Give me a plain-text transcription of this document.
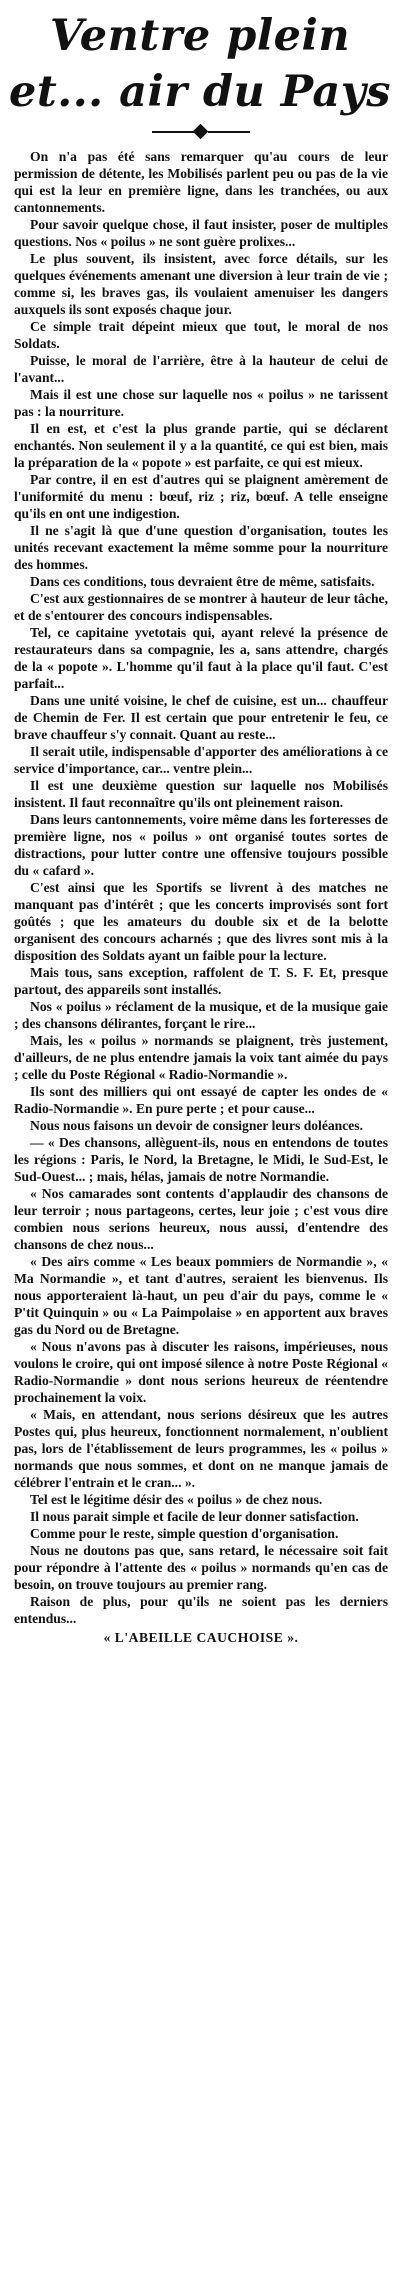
Ventre plein
et... air du Pays

On n'a pas été sans remarquer qu'au cours de leur permission de détente, les Mobilisés parlent peu ou pas de la vie qui est la leur en première ligne, dans les tranchées, ou aux cantonnements.

Pour savoir quelque chose, il faut insister, poser de multiples questions. Nos « poilus » ne sont guère prolixes...

Le plus souvent, ils insistent, avec force détails, sur les quelques événements amenant une diversion à leur train de vie ; comme si, les braves gas, ils voulaient amenuiser les dangers auxquels ils sont exposés chaque jour.

Ce simple trait dépeint mieux que tout, le moral de nos Soldats.

Puisse, le moral de l'arrière, être à la hauteur de celui de l'avant...

Mais il est une chose sur laquelle nos « poilus » ne tarissent pas : la nourriture.

Il en est, et c'est la plus grande partie, qui se déclarent enchantés. Non seulement il y a la quantité, ce qui est bien, mais la préparation de la « popote » est parfaite, ce qui est mieux.

Par contre, il en est d'autres qui se plaignent amèrement de l'uniformité du menu : bœuf, riz ; riz, bœuf. A telle enseigne qu'ils en ont une indigestion.

Il ne s'agit là que d'une question d'organisation, toutes les unités recevant exactement la même somme pour la nourriture des hommes.

Dans ces conditions, tous devraient être de même, satisfaits.

C'est aux gestionnaires de se montrer à hauteur de leur tâche, et de s'entourer des concours indispensables.

Tel, ce capitaine yvetotais qui, ayant relevé la présence de restaurateurs dans sa compagnie, les a, sans attendre, chargés de la « popote ». L'homme qu'il faut à la place qu'il faut. C'est parfait...

Dans une unité voisine, le chef de cuisine, est un... chauffeur de Chemin de Fer. Il est certain que pour entretenir le feu, ce brave chauffeur s'y connait. Quant au reste...

Il serait utile, indispensable d'apporter des améliorations à ce service d'importance, car... ventre plein...

Il est une deuxième question sur laquelle nos Mobilisés insistent. Il faut reconnaître qu'ils ont pleinement raison.

Dans leurs cantonnements, voire même dans les forteresses de première ligne, nos « poilus » ont organisé toutes sortes de distractions, pour lutter contre une offensive toujours possible du « cafard ».

C'est ainsi que les Sportifs se livrent à des matches ne manquant pas d'intérêt ; que les concerts improvisés sont fort goûtés ; que les amateurs du double six et de la belotte organisent des concours acharnés ; que des livres sont mis à la disposition des Soldats ayant un faible pour la lecture.

Mais tous, sans exception, raffolent de T. S. F. Et, presque partout, des appareils sont installés.

Nos « poilus » réclament de la musique, et de la musique gaie ; des chansons délirantes, forçant le rire...

Mais, les « poilus » normands se plaignent, très justement, d'ailleurs, de ne plus entendre jamais la voix tant aimée du pays ; celle du Poste Régional « Radio-Normandie ».

Ils sont des milliers qui ont essayé de capter les ondes de « Radio-Normandie ». En pure perte ; et pour cause...

Nous nous faisons un devoir de consigner leurs doléances.

— « Des chansons, allèguent-ils, nous en entendons de toutes les régions : Paris, le Nord, la Bretagne, le Midi, le Sud-Est, le Sud-Ouest... ; mais, hélas, jamais de notre Normandie.

« Nos camarades sont contents d'applaudir des chansons de leur terroir ; nous partageons, certes, leur joie ; c'est vous dire combien nous serions heureux, nous aussi, d'entendre des chansons de chez nous...

« Des airs comme « Les beaux pommiers de Normandie », « Ma Normandie », et tant d'autres, seraient les bienvenus. Ils nous apporteraient là-haut, un peu d'air du pays, comme le « P'tit Quinquin » ou « La Paimpolaise » en apportent aux braves gas du Nord ou de Bretagne.

« Nous n'avons pas à discuter les raisons, impérieuses, nous voulons le croire, qui ont imposé silence à notre Poste Régional « Radio-Normandie » dont nous serions heureux de réentendre prochainement la voix.

« Mais, en attendant, nous serions désireux que les autres Postes qui, plus heureux, fonctionnent normalement, n'oublient pas, lors de l'établissement de leurs programmes, les « poilus » normands que nous sommes, et dont on ne manque jamais de célébrer l'entrain et le cran... ».

Tel est le légitime désir des « poilus » de chez nous.

Il nous parait simple et facile de leur donner satisfaction.

Comme pour le reste, simple question d'organisation.

Nous ne doutons pas que, sans retard, le nécessaire soit fait pour répondre à l'attente des « poilus » normands qu'en cas de besoin, on trouve toujours au premier rang.

Raison de plus, pour qu'ils ne soient pas les derniers entendus...

« L'ABEILLE CAUCHOISE ».
